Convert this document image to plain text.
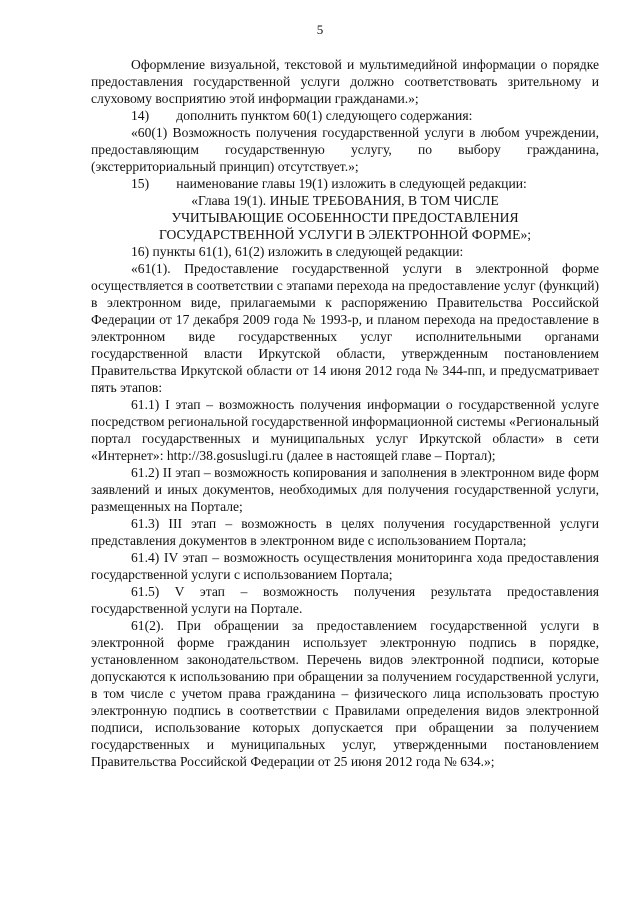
5

Оформление визуальной, текстовой и мультимедийной информации о порядке предоставления государственной услуги должно соответствовать зрительному и слуховому восприятию этой информации гражданами.»;

14)  дополнить пунктом 60(1) следующего содержания:

«60(1) Возможность получения государственной услуги в любом учреждении, предоставляющим государственную услугу, по выбору гражданина, (экстерриториальный принцип) отсутствует.»;

15)  наименование главы 19(1) изложить в следующей редакции:

«Глава 19(1). ИНЫЕ ТРЕБОВАНИЯ, В ТОМ ЧИСЛЕ

УЧИТЫВАЮЩИЕ ОСОБЕННОСТИ ПРЕДОСТАВЛЕНИЯ

ГОСУДАРСТВЕННОЙ УСЛУГИ В ЭЛЕКТРОННОЙ ФОРМЕ»;

16) пункты 61(1), 61(2) изложить в следующей редакции:

«61(1). Предоставление государственной услуги в электронной форме осуществляется в соответствии с этапами перехода на предоставление услуг (функций) в электронном виде, прилагаемыми к распоряжению Правительства Российской Федерации от 17 декабря 2009 года № 1993-р, и планом перехода на предоставление в электронном виде государственных услуг исполнительными органами государственной власти Иркутской области, утвержденным постановлением Правительства Иркутской области от 14 июня 2012 года № 344-пп, и предусматривает пять этапов:

61.1) I этап – возможность получения информации о государственной услуге посредством региональной государственной информационной системы «Региональный портал государственных и муниципальных услуг Иркутской области» в сети «Интернет»: http://38.gosuslugi.ru (далее в настоящей главе – Портал);

61.2) II этап – возможность копирования и заполнения в электронном виде форм заявлений и иных документов, необходимых для получения государственной услуги, размещенных на Портале;

61.3) III этап – возможность в целях получения государственной услуги представления документов в электронном виде с использованием Портала;

61.4) IV этап – возможность осуществления мониторинга хода предоставления государственной услуги с использованием Портала;

61.5) V этап – возможность получения результата предоставления государственной услуги на Портале.

61(2). При обращении за предоставлением государственной услуги в электронной форме гражданин использует электронную подпись в порядке, установленном законодательством. Перечень видов электронной подписи, которые допускаются к использованию при обращении за получением государственной услуги, в том числе с учетом права гражданина – физического лица использовать простую электронную подпись в соответствии с Правилами определения видов электронной подписи, использование которых допускается при обращении за получением государственных и муниципальных услуг, утвержденными постановлением Правительства Российской Федерации от 25 июня 2012 года № 634.»;
